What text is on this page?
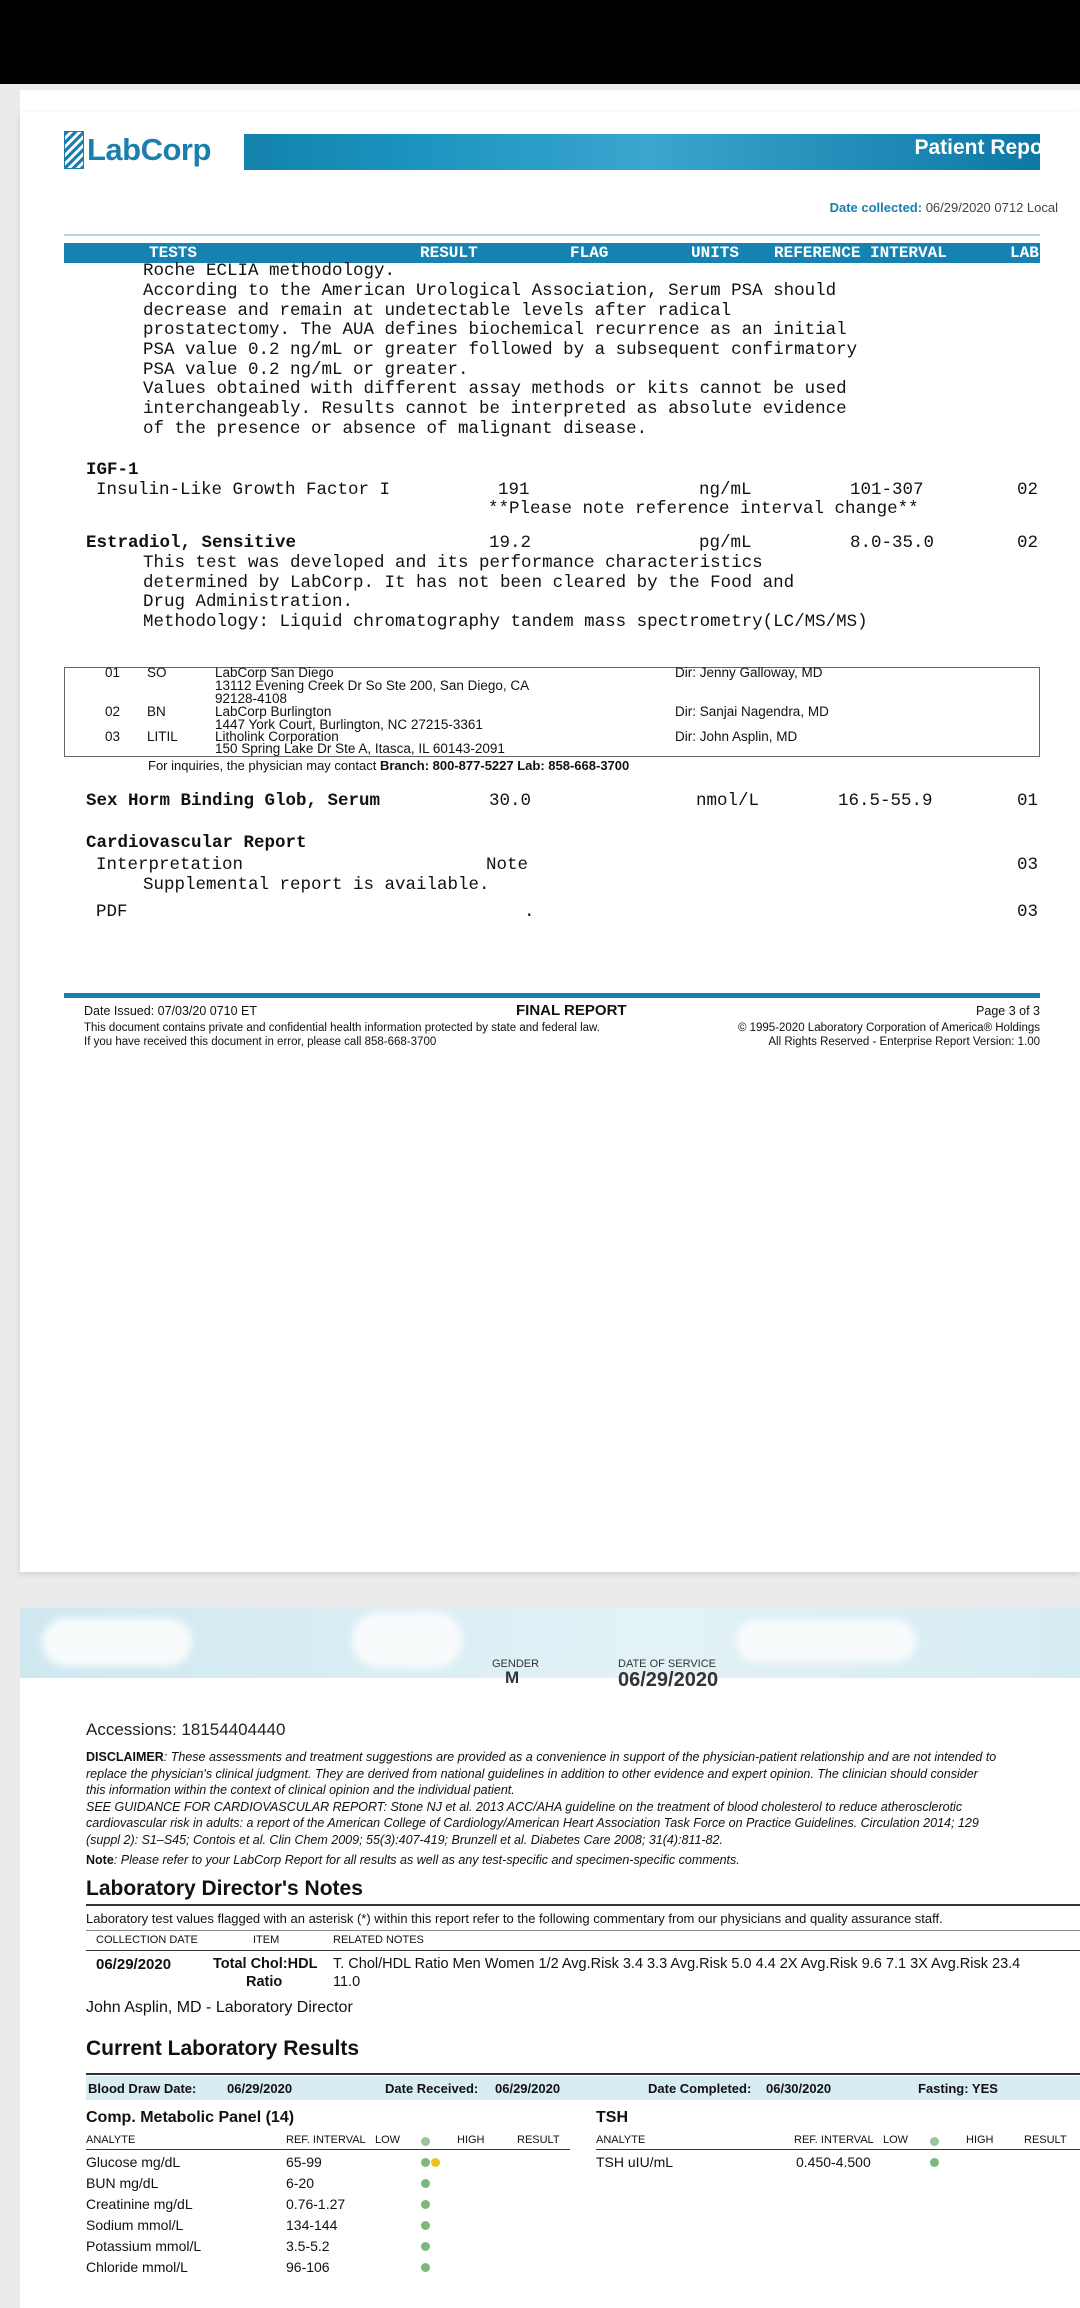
LabCorp	Patient Report
Date collected: 06/29/2020 0712 Local
TESTS	RESULT	FLAG	UNITS REFERENCE INTERVAL	LAB
Roche ECLIA methodology.
According to the American Urological Association, Serum PSA should
decrease and remain at undetectable levels after radical
prostatectomy. The AUA defines biochemical recurrence as an initial
PSA value 0.2 ng/mL or greater followed by a subsequent confirmatory
PSA value 0.2 ng/mL or greater.
Values obtained with different assay methods or kits cannot be used
interchangeably. Results cannot be interpreted as absolute evidence
of the presence or absence of malignant disease.
IGF-1
Insulin-Like Growth Factor I	191	ng/mL	101-307	02
**Please note reference interval change**
Estradiol, Sensitive	19.2	pg/mL	8.0-35.0	02
This test was developed and its performance characteristics
determined by LabCorp. It has not been cleared by the Food and
Drug Administration.
Methodology: Liquid chromatography tandem mass spectrometry(LC/MS/MS)
Sex Horm Binding Glob, Serum	30.0	nmol/L	16.5-55.9	01
Cardiovascular Report
Interpretation	Note	03
Supplemental report is available.
PDF	.	03
01 SO	LabCorp San Diego	Dir: Jenny Galloway, MD
13112 Evening Creek Dr So Ste 200, San Diego, CA
92128-4108
02 BN	LabCorp Burlington	Dir: Sanjai Nagendra, MD
1447 York Court, Burlington, NC 27215-3361
03 LITIL	Litholink Corporation	Dir: John Asplin, MD
150 Spring Lake Dr Ste A, Itasca, IL 60143-2091
Date Issued: 07/03/20 0710 ET	FINAL REPORT	Page 3 of 3
This document contains private and confidential health information protected by state and federal law.
If you have received this document in error, please call 858-668-3700
© 1995-2020 Laboratory Corporation of America® Holdings
All Rights Reserved - Enterprise Report Version: 1.00
GENDER
M
DATE OF SERVICE
06/29/2020
Accessions: 18154404440
DISCLAIMER: These assessments and treatment suggestions are provided as a convenience in support of the physician-patient relationship and are not intended to
replace the physician's clinical judgment. They are derived from national guidelines in addition to other evidence and expert opinion. The clinician should consider
this information within the context of clinical opinion and the individual patient.
SEE GUIDANCE FOR CARDIOVASCULAR REPORT: Stone NJ et al. 2013 ACC/AHA guideline on the treatment of blood cholesterol to reduce atherosclerotic
cardiovascular risk in adults: a report of the American College of Cardiology/American Heart Association Task Force on Practice Guidelines. Circulation 2014; 129
(suppl 2): S1–S45; Contois et al. Clin Chem 2009; 55(3):407-419; Brunzell et al. Diabetes Care 2008; 31(4):811-82.
Note: Please refer to your LabCorp Report for all results as well as any test-specific and specimen-specific comments.
Laboratory Director's Notes
Laboratory test values flagged with an asterisk (*) within this report refer to the following commentary from our physicians and quality assurance staff.
COLLECTION DATE	ITEM	RELATED NOTES
06/29/2020	Total Chol:HDL
Ratio
T. Chol/HDL Ratio Men Women 1/2 Avg.Risk 3.4 3.3 Avg.Risk 5.0 4.4 2X Avg.Risk 9.6 7.1 3X Avg.Risk 23.4
11.0
John Asplin, MD - Laboratory Director
Current Laboratory Results
Blood Draw Date: 06/29/2020	Date Received: 06/29/2020	Date Completed: 06/30/2020	Fasting: YES
Comp. Metabolic Panel (14)
ANALYTE	REF. INTERVAL LOW	HIGH	RESULT
Glucose mg/dL	65-99
BUN mg/dL	6-20
Creatinine mg/dL	0.76-1.27
Sodium mmol/L	134-144
Potassium mmol/L	3.5-5.2
Chloride mmol/L	96-106
TSH
ANALYTE	REF. INTERVAL LOW	HIGH	RESULT
TSH uIU/mL	0.450-4.500
For inquiries, the physician may contact Branch: 800-877-5227 Lab: 858-668-3700
